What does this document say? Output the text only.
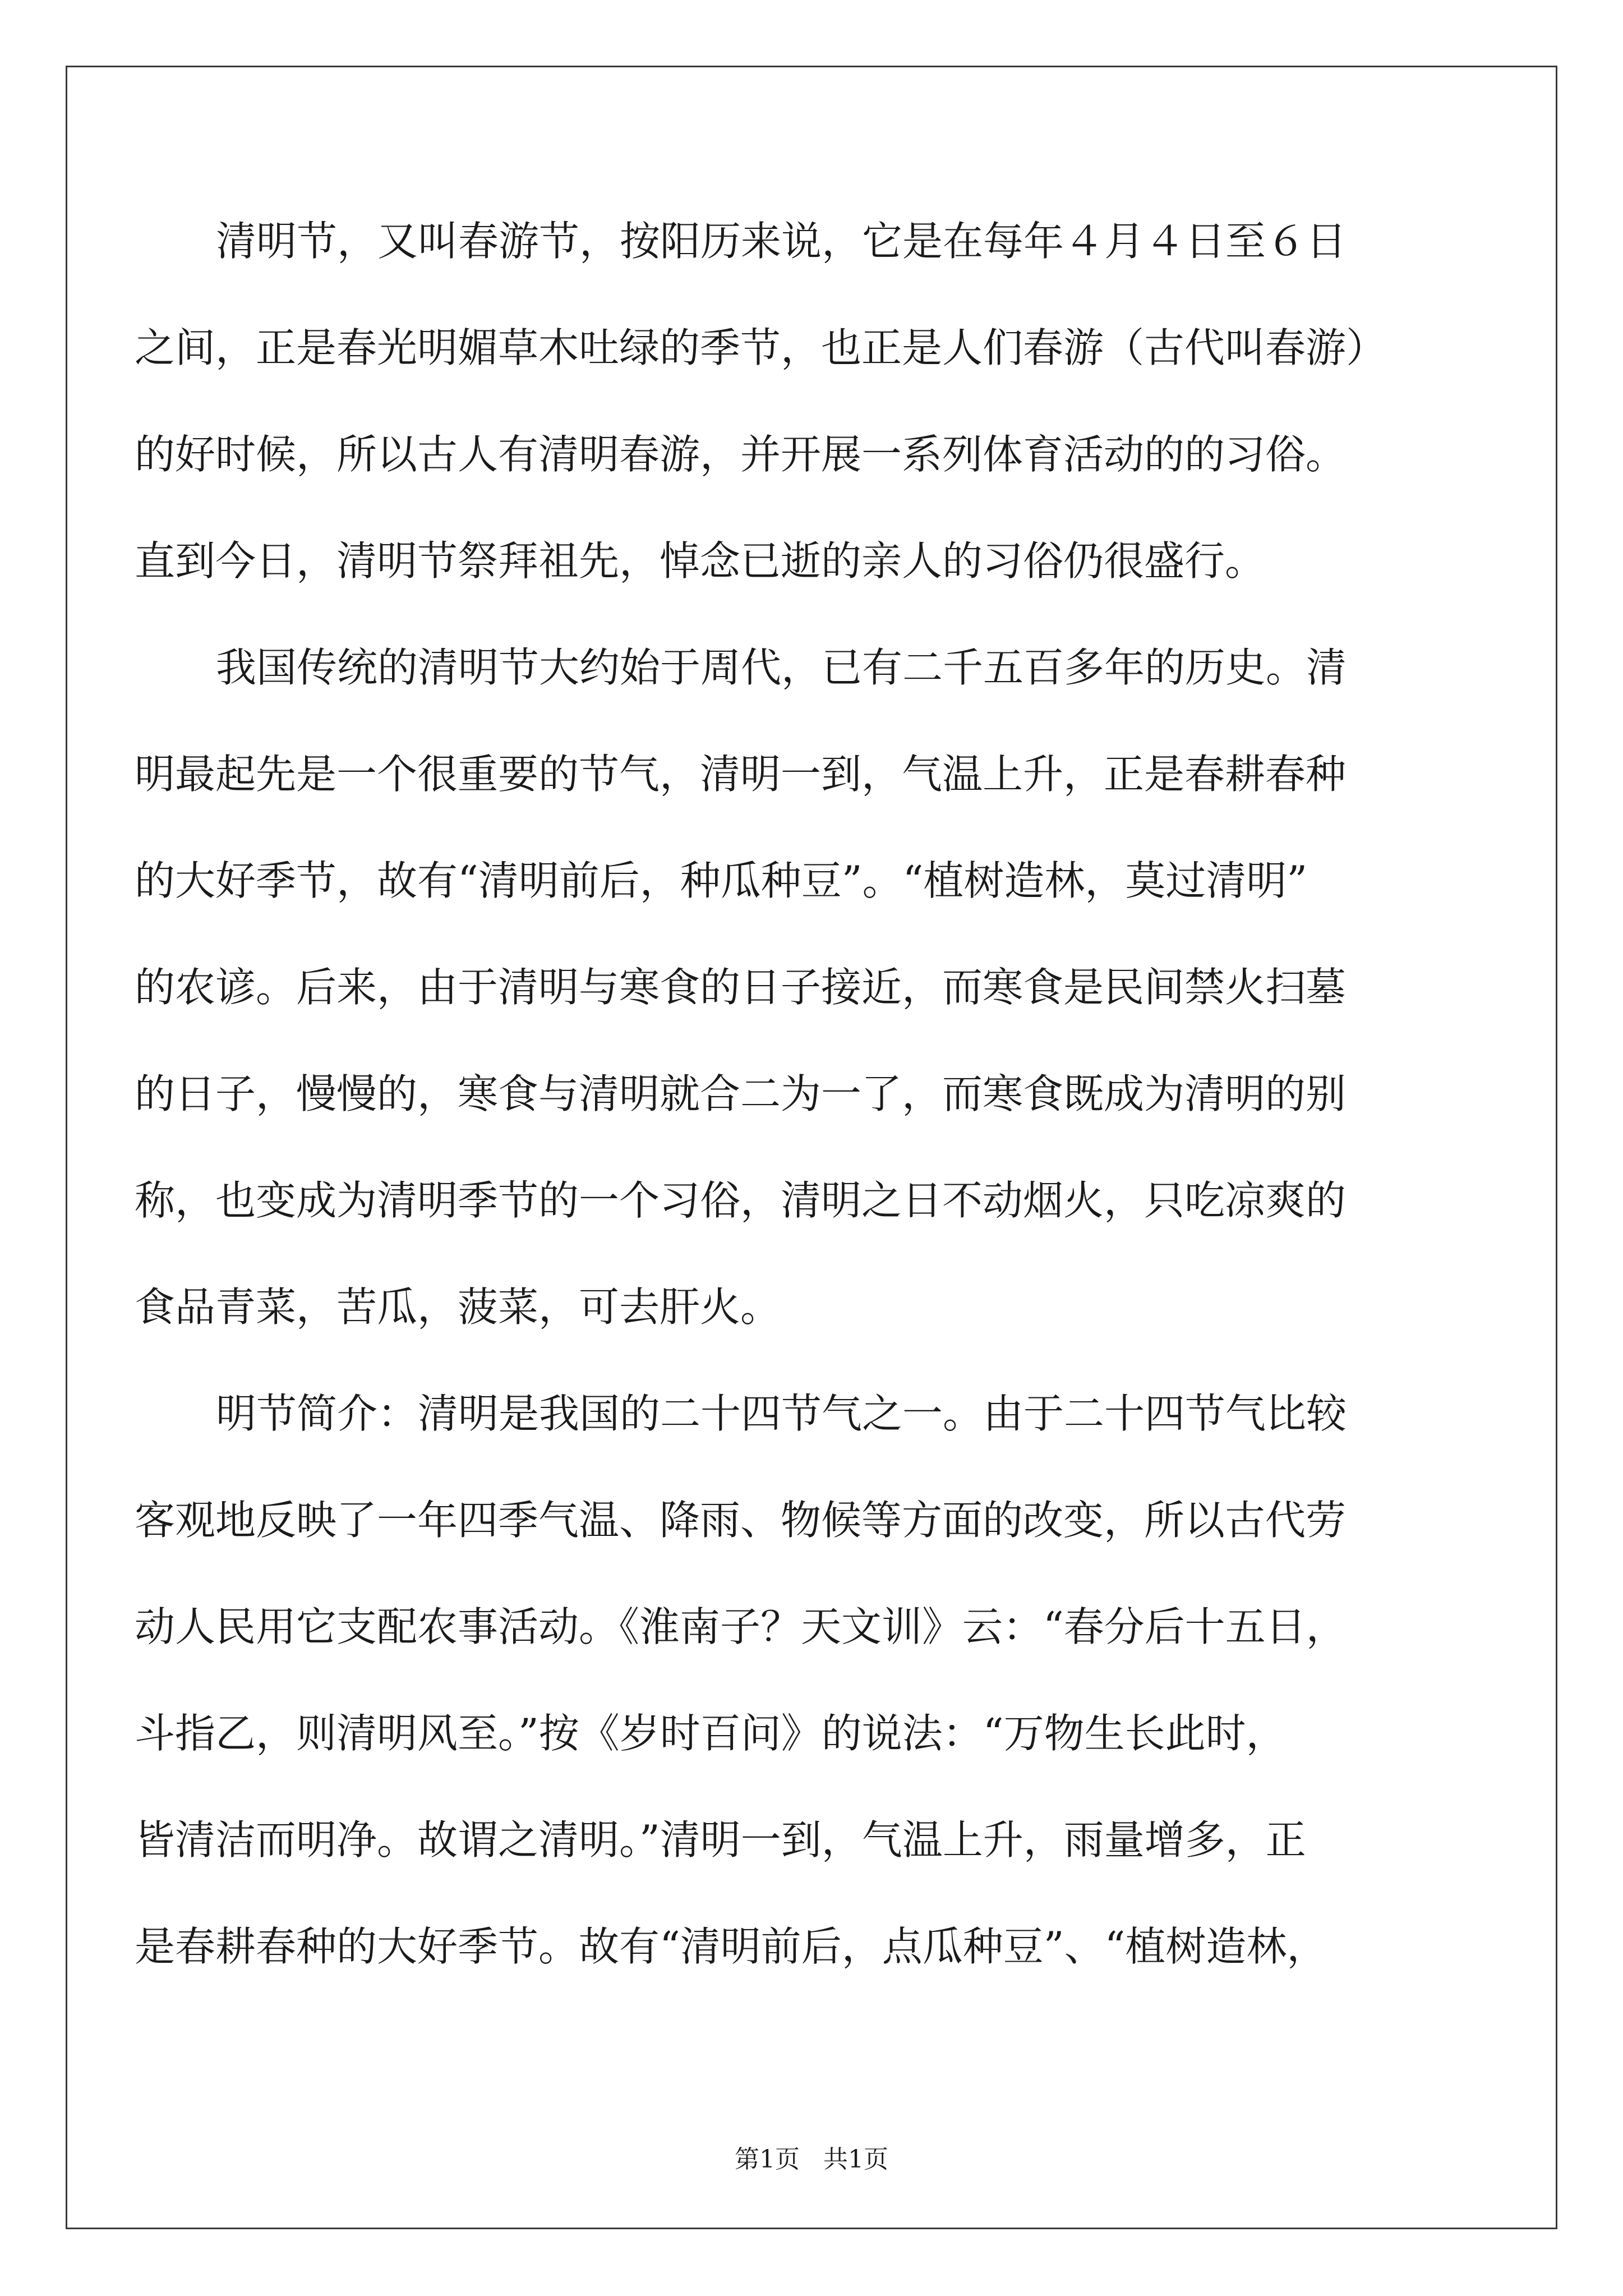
清明节，又叫春游节，按阳历来说，它是在每年４月４日至６日
之间，正是春光明媚草木吐绿的季节，也正是人们春游（古代叫春游）
的好时候，所以古人有清明春游，并开展一系列体育活动的的习俗。
直到今日，清明节祭拜祖先，悼念已逝的亲人的习俗仍很盛行。
我国传统的清明节大约始于周代，已有二千五百多年的历史。清
明最起先是一个很重要的节气，清明一到，气温上升，正是春耕春种
的大好季节，故有“清明前后，种瓜种豆”。“植树造林，莫过清明”
的农谚。后来，由于清明与寒食的日子接近，而寒食是民间禁火扫墓
的日子，慢慢的，寒食与清明就合二为一了，而寒食既成为清明的别
称，也变成为清明季节的一个习俗，清明之日不动烟火，只吃凉爽的
食品青菜，苦瓜，菠菜，可去肝火。
明节简介：清明是我国的二十四节气之一。由于二十四节气比较
客观地反映了一年四季气温、降雨、物候等方面的改变，所以古代劳
动人民用它支配农事活动。《淮南子？天文训》云：“春分后十五日，
斗指乙，则清明风至。”按《岁时百问》的说法：“万物生长此时，
皆清洁而明净。故谓之清明。”清明一到，气温上升，雨量增多，正
是春耕春种的大好季节。故有“清明前后，点瓜种豆”、“植树造林，
第1页 共1页
